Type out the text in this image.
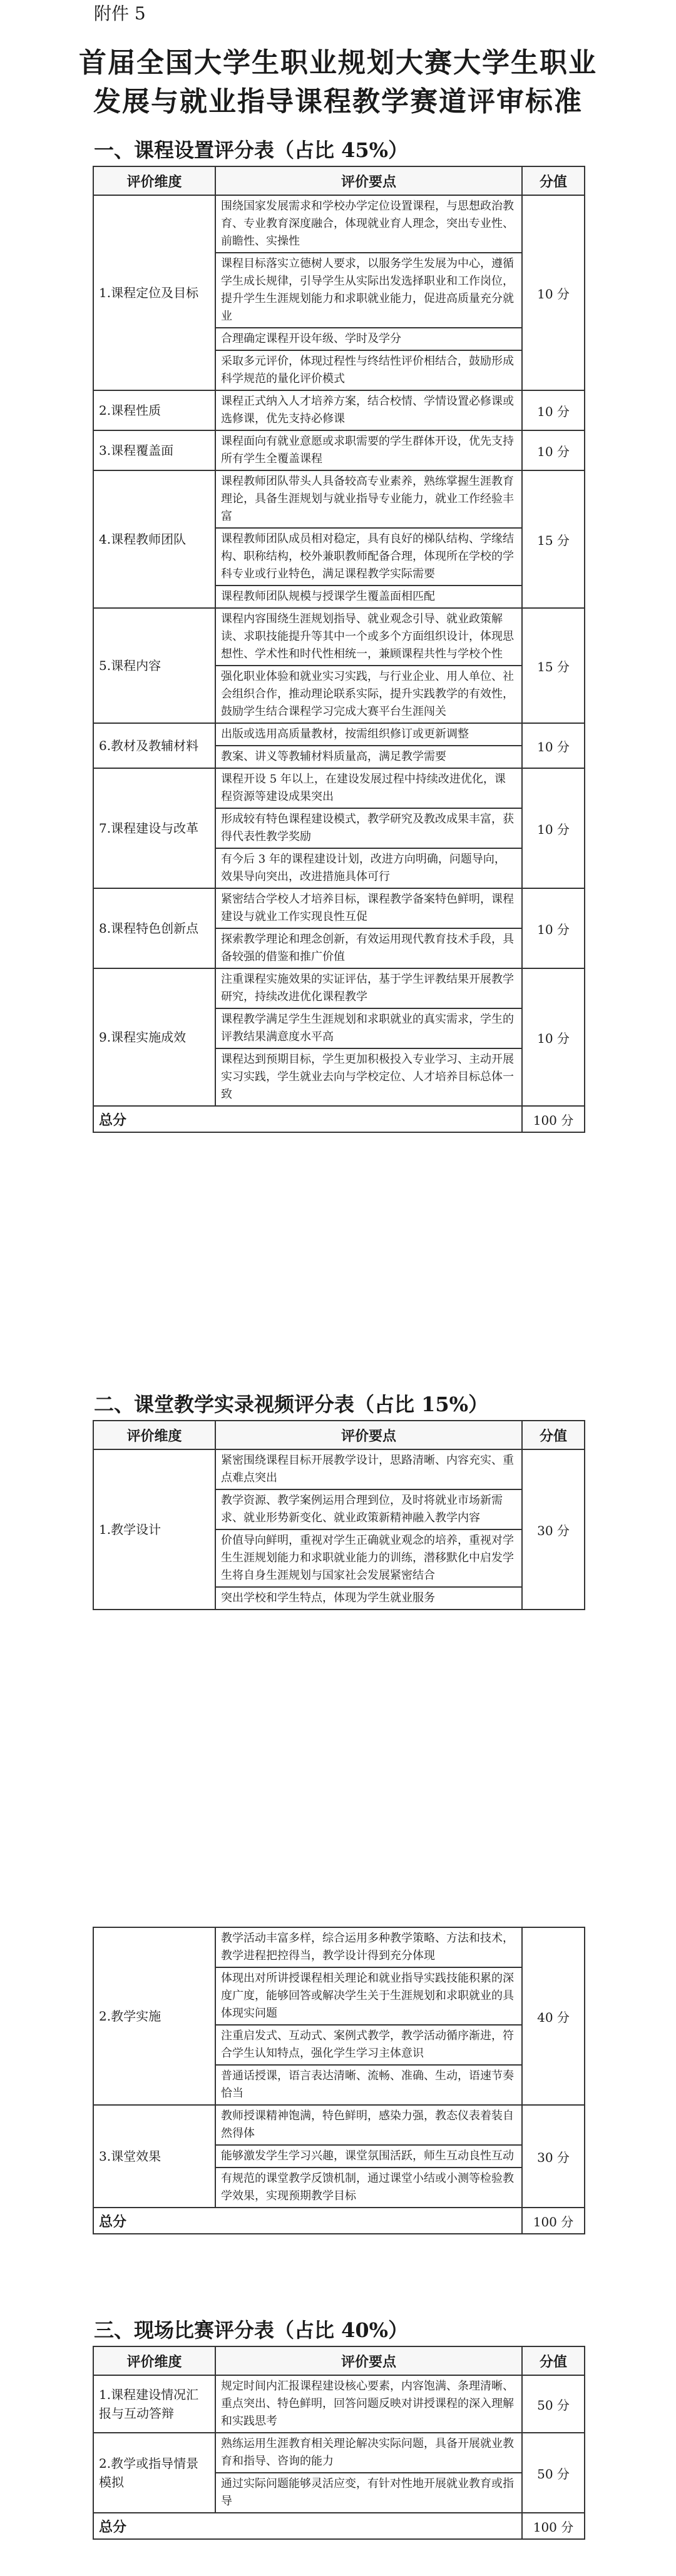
附件 5
首届全国大学生职业规划大赛大学生职业
发展与就业指导课程教学赛道评审标准
一、课程设置评分表（占比 45%）
评价维度	评价要点	分值
1.课程定位及目标	围绕国家发展需求和学校办学定位设置课程，与思想政治教育、专业教育深度融合，体现就业育人理念，突出专业性、前瞻性、实操性	10 分
	课程目标落实立德树人要求，以服务学生发展为中心，遵循学生成长规律，引导学生从实际出发选择职业和工作岗位，提升学生生涯规划能力和求职就业能力，促进高质量充分就业	
	合理确定课程开设年级、学时及学分	
	采取多元评价，体现过程性与终结性评价相结合，鼓励形成科学规范的量化评价模式	
2.课程性质	课程正式纳入人才培养方案，结合校情、学情设置必修课或选修课，优先支持必修课	10 分
3.课程覆盖面	课程面向有就业意愿或求职需要的学生群体开设，优先支持所有学生全覆盖课程	10 分
4.课程教师团队	课程教师团队带头人具备较高专业素养，熟练掌握生涯教育理论，具备生涯规划与就业指导专业能力，就业工作经验丰富	15 分
	课程教师团队成员相对稳定，具有良好的梯队结构、学缘结构、职称结构，校外兼职教师配备合理，体现所在学校的学科专业或行业特色，满足课程教学实际需要	
	课程教师团队规模与授课学生覆盖面相匹配	
5.课程内容	课程内容围绕生涯规划指导、就业观念引导、就业政策解读、求职技能提升等其中一个或多个方面组织设计，体现思想性、学术性和时代性相统一，兼顾课程共性与学校个性	15 分
	强化职业体验和就业实习实践，与行业企业、用人单位、社会组织合作，推动理论联系实际，提升实践教学的有效性，鼓励学生结合课程学习完成大赛平台生涯闯关	
6.教材及教辅材料	出版或选用高质量教材，按需组织修订或更新调整	10 分
	教案、讲义等教辅材料质量高，满足教学需要	
7.课程建设与改革	课程开设 5 年以上，在建设发展过程中持续改进优化，课程资源等建设成果突出	10 分
	形成较有特色课程建设模式，教学研究及教改成果丰富，获得代表性教学奖励	
	有今后 3 年的课程建设计划，改进方向明确，问题导向，效果导向突出，改进措施具体可行	
8.课程特色创新点	紧密结合学校人才培养目标，课程教学备案特色鲜明，课程建设与就业工作实现良性互促	10 分
	探索教学理论和理念创新，有效运用现代教育技术手段，具备较强的借鉴和推广价值	
9.课程实施成效	注重课程实施效果的实证评估，基于学生评教结果开展教学研究，持续改进优化课程教学	10 分
	课程教学满足学生生涯规划和求职就业的真实需求，学生的评教结果满意度水平高	
	课程达到预期目标，学生更加积极投入专业学习、主动开展实习实践，学生就业去向与学校定位、人才培养目标总体一致	
总分		100 分
二、课堂教学实录视频评分表（占比 15%）
评价维度	评价要点	分值
1.教学设计	紧密围绕课程目标开展教学设计，思路清晰、内容充实、重点难点突出	30 分
	教学资源、教学案例运用合理到位，及时将就业市场新需求、就业形势新变化、就业政策新精神融入教学内容	
	价值导向鲜明，重视对学生正确就业观念的培养，重视对学生生涯规划能力和求职就业能力的训练，潜移默化中启发学生将自身生涯规划与国家社会发展紧密结合	
	突出学校和学生特点，体现为学生就业服务	
2.教学实施	教学活动丰富多样，综合运用多种教学策略、方法和技术，教学进程把控得当，教学设计得到充分体现	40 分
	体现出对所讲授课程相关理论和就业指导实践技能积累的深度广度，能够回答或解决学生关于生涯规划和求职就业的具体现实问题	
	注重启发式、互动式、案例式教学，教学活动循序渐进，符合学生认知特点，强化学生学习主体意识	
	普通话授课，语言表达清晰、流畅、准确、生动，语速节奏恰当	
3.课堂效果	教师授课精神饱满，特色鲜明，感染力强，教态仪表着装自然得体	30 分
	能够激发学生学习兴趣，课堂氛围活跃，师生互动良性互动	
	有规范的课堂教学反馈机制，通过课堂小结或小测等检验教学效果，实现预期教学目标	
总分		100 分
三、现场比赛评分表（占比 40%）
评价维度	评价要点	分值
1.课程建设情况汇报与互动答辩	规定时间内汇报课程建设核心要素，内容饱满、条理清晰、重点突出、特色鲜明，回答问题反映对讲授课程的深入理解和实践思考	50 分
2.教学或指导情景模拟	熟练运用生涯教育相关理论解决实际问题，具备开展就业教育和指导、咨询的能力	50 分
	通过实际问题能够灵活应变，有针对性地开展就业教育或指导	
总分		100 分
